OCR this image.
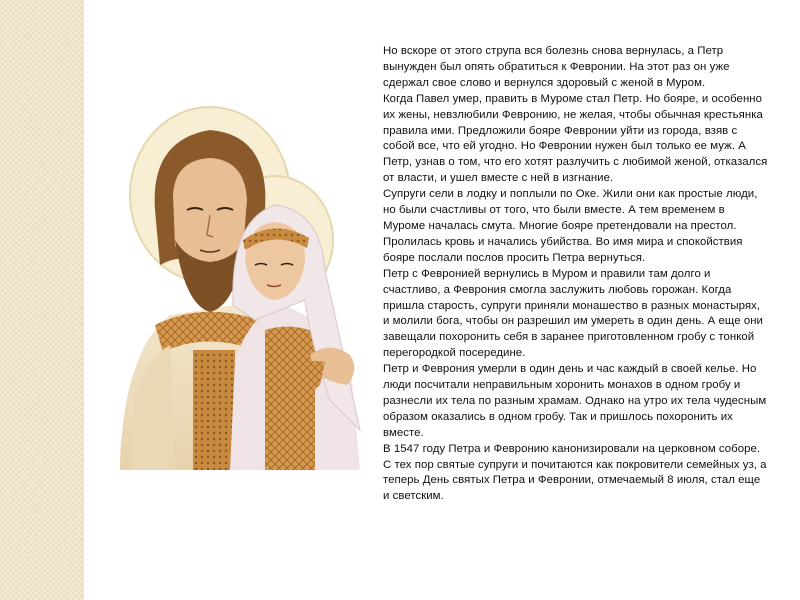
Но вскоре от этого струпа вся болезнь снова вернулась, а Петр вынужден был опять обратиться к Февронии. На этот раз он уже сдержал свое слово и вернулся здоровый с женой в Муром.

Когда Павел умер, править в Муроме стал Петр. Но бояре, и особенно их жены, невзлюбили Февронию, не желая, чтобы обычная крестьянка правила ими. Предложили бояре Февронии уйти из города, взяв с собой все, что ей угодно. Но Февронии нужен был только ее муж. А Петр, узнав о том, что его хотят разлучить с любимой женой, отказался от власти, и ушел вместе с ней в изгнание.

Супруги сели в лодку и поплыли по Оке. Жили они как простые люди, но были счастливы от того, что были вместе. А тем временем в Муроме началась смута. Многие бояре претендовали на престол. Пролилась кровь и начались убийства. Во имя мира и спокойствия бояре послали послов просить Петра вернуться.

Петр с Февронией вернулись в Муром и правили там долго и счастливо, а Феврония смогла заслужить любовь горожан. Когда пришла старость, супруги приняли монашество в разных монастырях, и молили бога, чтобы он разрешил им умереть в один день. А еще они завещали похоронить себя в заранее приготовленном гробу с тонкой перегородкой посередине.

Петр и Феврония умерли в один день и час каждый в своей келье. Но люди посчитали неправильным хоронить монахов в одном гробу и разнесли их тела по разным храмам. Однако на утро их тела чудесным образом оказались в одном гробу. Так и пришлось похоронить их вместе.

В 1547 году Петра и Февронию канонизировали на церковном соборе. С тех пор святые супруги и почитаются как покровители семейных уз, а теперь День святых Петра и Февронии, отмечаемый 8 июля, стал еще и светским.
